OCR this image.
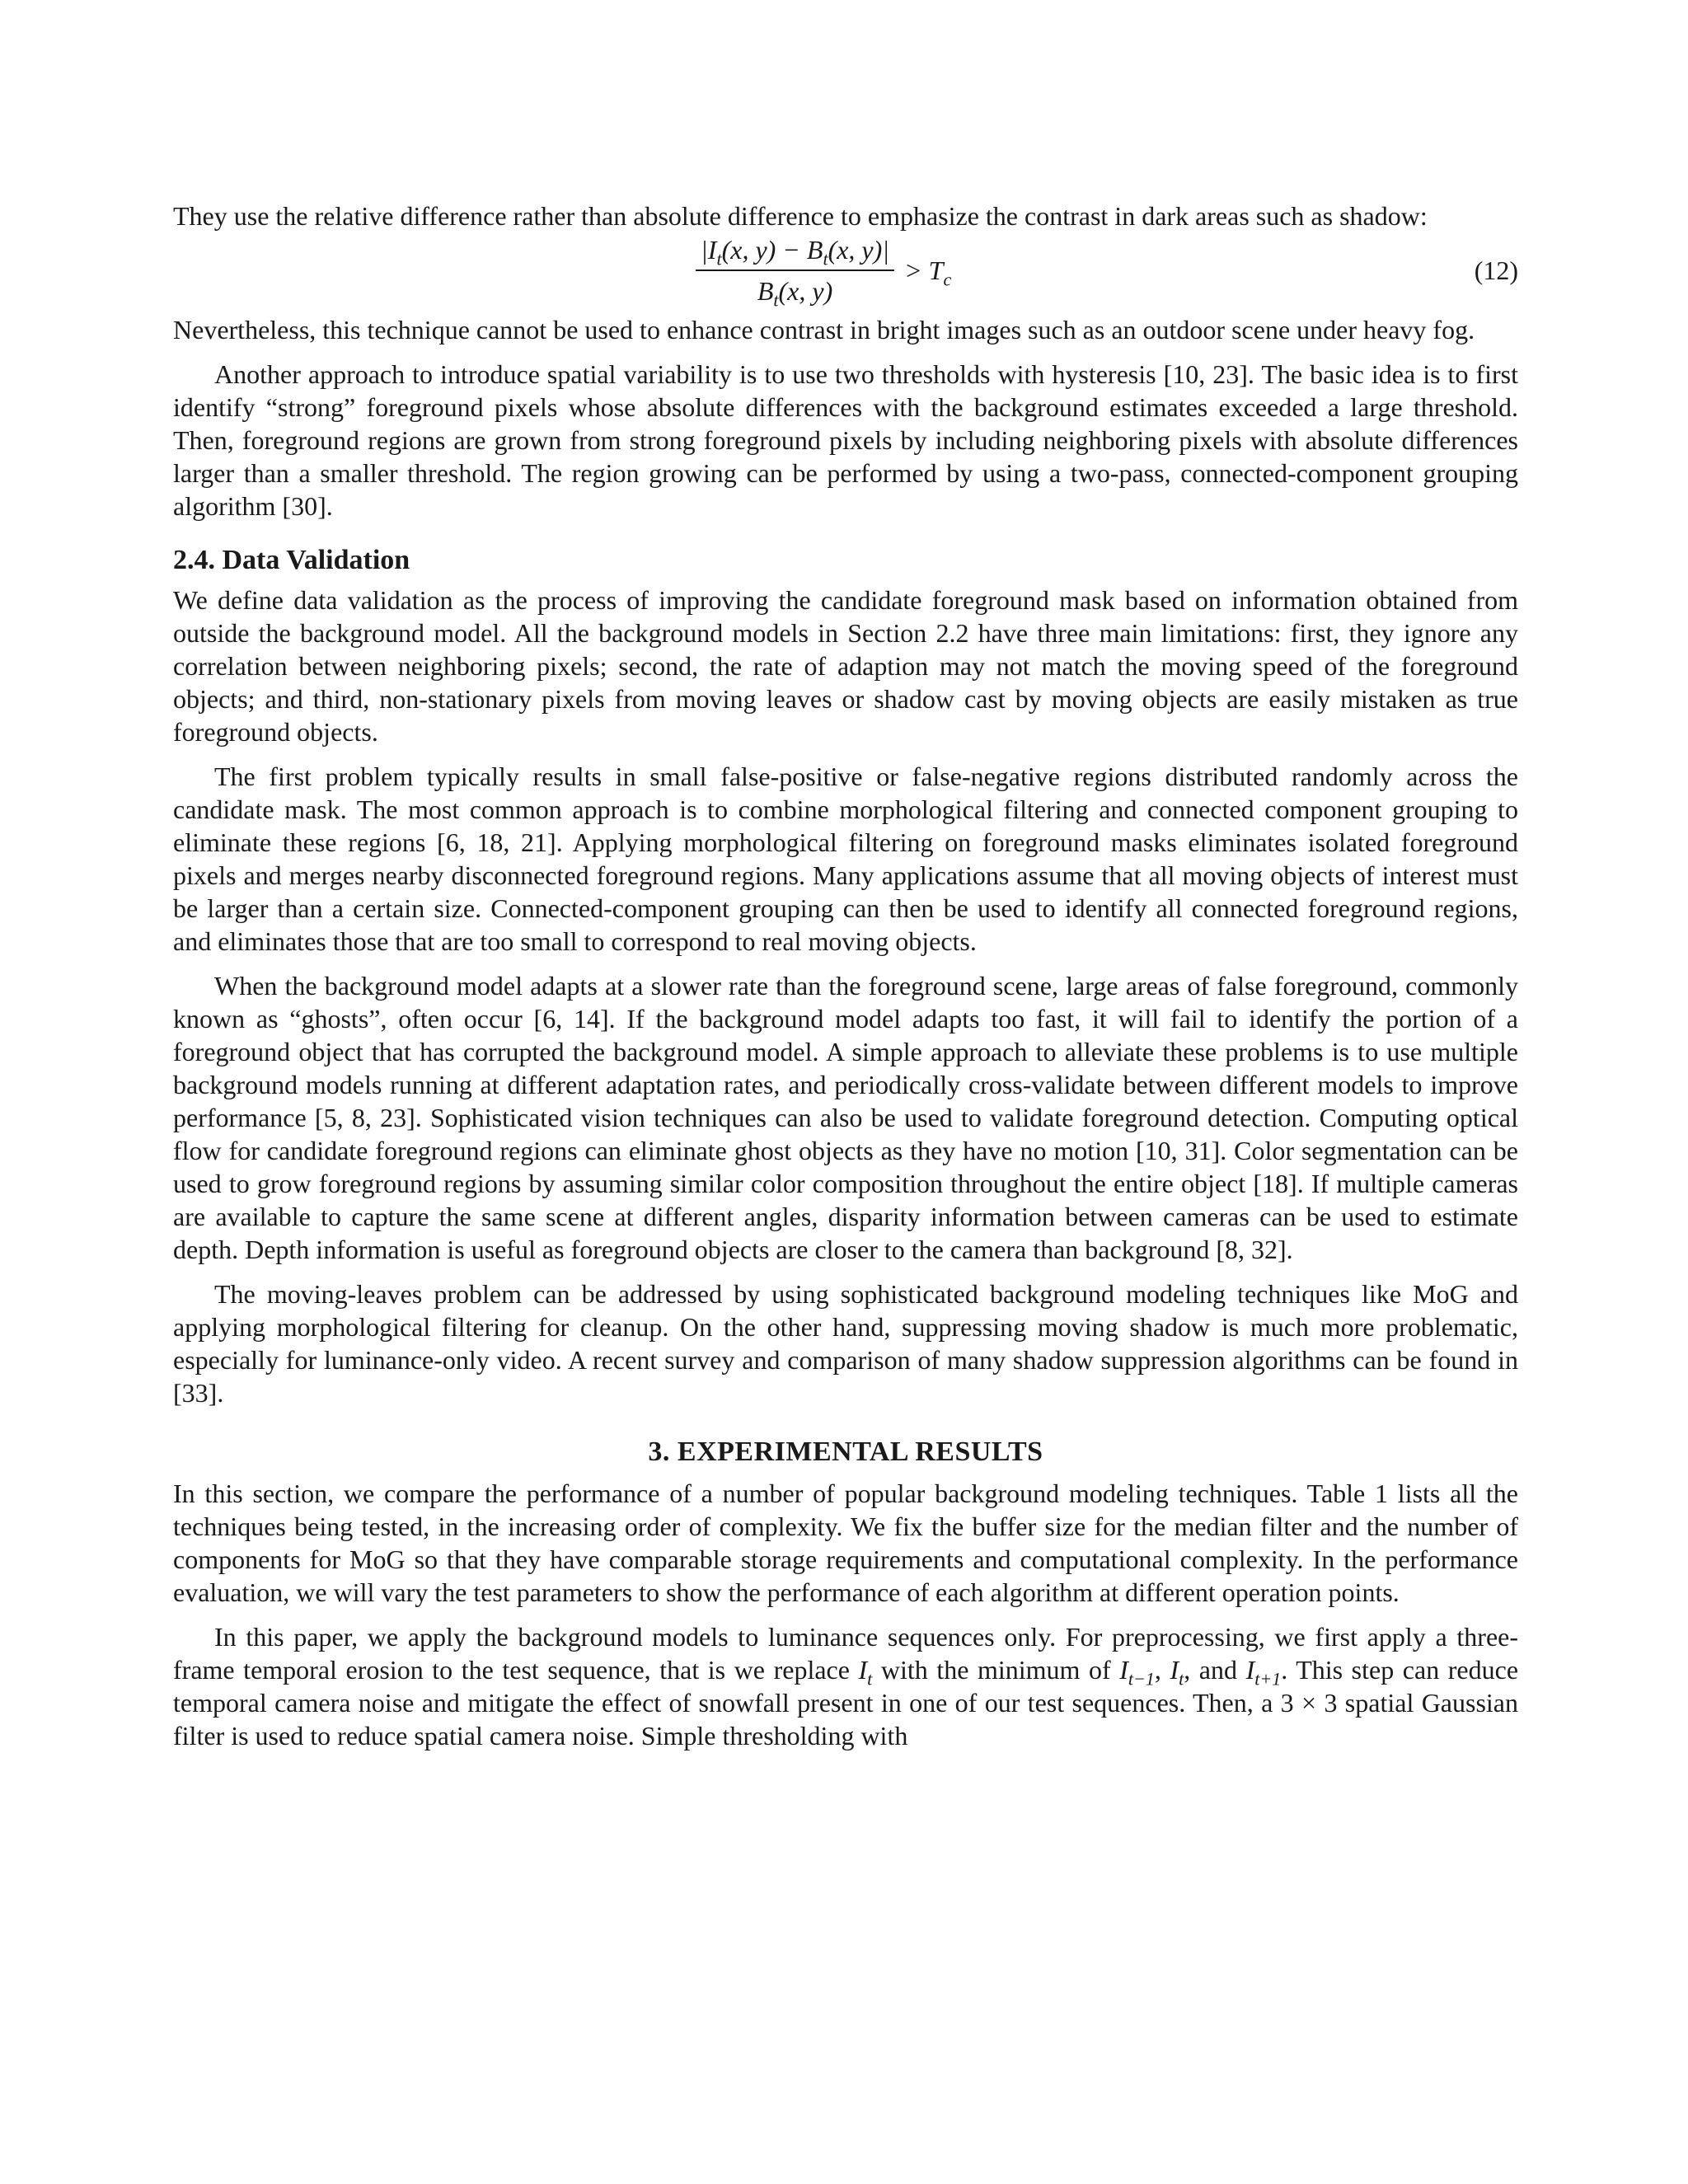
They use the relative difference rather than absolute difference to emphasize the contrast in dark areas such as shadow:

$\frac{|I_t(x, y) - B_t(x, y)|}{B_t(x, y)} > T_c$	(12)

Nevertheless, this technique cannot be used to enhance contrast in bright images such as an outdoor scene under heavy fog.

Another approach to introduce spatial variability is to use two thresholds with hysteresis [10, 23]. The basic idea is to first identify “strong” foreground pixels whose absolute differences with the background estimates exceeded a large threshold. Then, foreground regions are grown from strong foreground pixels by including neighboring pixels with absolute differences larger than a smaller threshold. The region growing can be performed by using a two-pass, connected-component grouping algorithm [30].

2.4. Data Validation

We define data validation as the process of improving the candidate foreground mask based on information obtained from outside the background model. All the background models in Section 2.2 have three main limitations: first, they ignore any correlation between neighboring pixels; second, the rate of adaption may not match the moving speed of the foreground objects; and third, non-stationary pixels from moving leaves or shadow cast by moving objects are easily mistaken as true foreground objects.

The first problem typically results in small false-positive or false-negative regions distributed randomly across the candidate mask. The most common approach is to combine morphological filtering and connected component grouping to eliminate these regions [6, 18, 21]. Applying morphological filtering on foreground masks eliminates isolated foreground pixels and merges nearby disconnected foreground regions. Many applications assume that all moving objects of interest must be larger than a certain size. Connected-component grouping can then be used to identify all connected foreground regions, and eliminates those that are too small to correspond to real moving objects.

When the background model adapts at a slower rate than the foreground scene, large areas of false foreground, commonly known as “ghosts”, often occur [6, 14]. If the background model adapts too fast, it will fail to identify the portion of a foreground object that has corrupted the background model. A simple approach to alleviate these problems is to use multiple background models running at different adaptation rates, and periodically cross-validate between different models to improve performance [5, 8, 23]. Sophisticated vision techniques can also be used to validate foreground detection. Computing optical flow for candidate foreground regions can eliminate ghost objects as they have no motion [10, 31]. Color segmentation can be used to grow foreground regions by assuming similar color composition throughout the entire object [18]. If multiple cameras are available to capture the same scene at different angles, disparity information between cameras can be used to estimate depth. Depth information is useful as foreground objects are closer to the camera than background [8, 32].

The moving-leaves problem can be addressed by using sophisticated background modeling techniques like MoG and applying morphological filtering for cleanup. On the other hand, suppressing moving shadow is much more problematic, especially for luminance-only video. A recent survey and comparison of many shadow suppression algorithms can be found in [33].

3. EXPERIMENTAL RESULTS

In this section, we compare the performance of a number of popular background modeling techniques. Table 1 lists all the techniques being tested, in the increasing order of complexity. We fix the buffer size for the median filter and the number of components for MoG so that they have comparable storage requirements and computational complexity. In the performance evaluation, we will vary the test parameters to show the performance of each algorithm at different operation points.

In this paper, we apply the background models to luminance sequences only. For preprocessing, we first apply a three-frame temporal erosion to the test sequence, that is we replace $I_t$ with the minimum of $I_{t-1}$, $I_t$, and $I_{t+1}$. This step can reduce temporal camera noise and mitigate the effect of snowfall present in one of our test sequences. Then, a 3 × 3 spatial Gaussian filter is used to reduce spatial camera noise. Simple thresholding with
